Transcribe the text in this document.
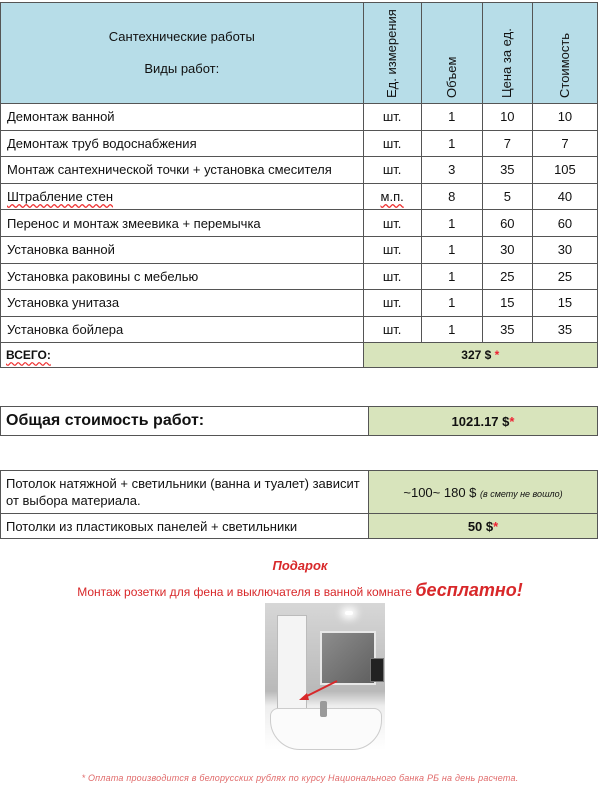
Сантехнические работы
Виды работ:	Ед. измерения	Объем	Цена за ед.	Стоимость

Демонтаж ванной	шт.	1	10	10
Демонтаж труб водоснабжения	шт.	1	7	7
Монтаж сантехнической точки + установка смесителя	шт.	3	35	105
Штрабление стен	м.п.	8	5	40
Перенос и монтаж змеевика + перемычка	шт.	1	60	60
Установка ванной	шт.	1	30	30
Установка раковины с мебелью	шт.	1	25	25
Установка унитаза	шт.	1	15	15
Установка бойлера	шт.	1	35	35
ВСЕГО:	327 $ *			
Общая стоимость работ:	1021.17 $*
Потолок натяжной + светильники (ванна и туалет) зависит от выбора материала.	~100~ 180 $ (в смету не вошло)
Потолки из пластиковых панелей + светильники	50 $*
Подарок
Монтаж розетки для фена и выключателя в ванной комнате бесплатно!
* Оплата производится в белорусских рублях по курсу Национального банка РБ на день расчета.
